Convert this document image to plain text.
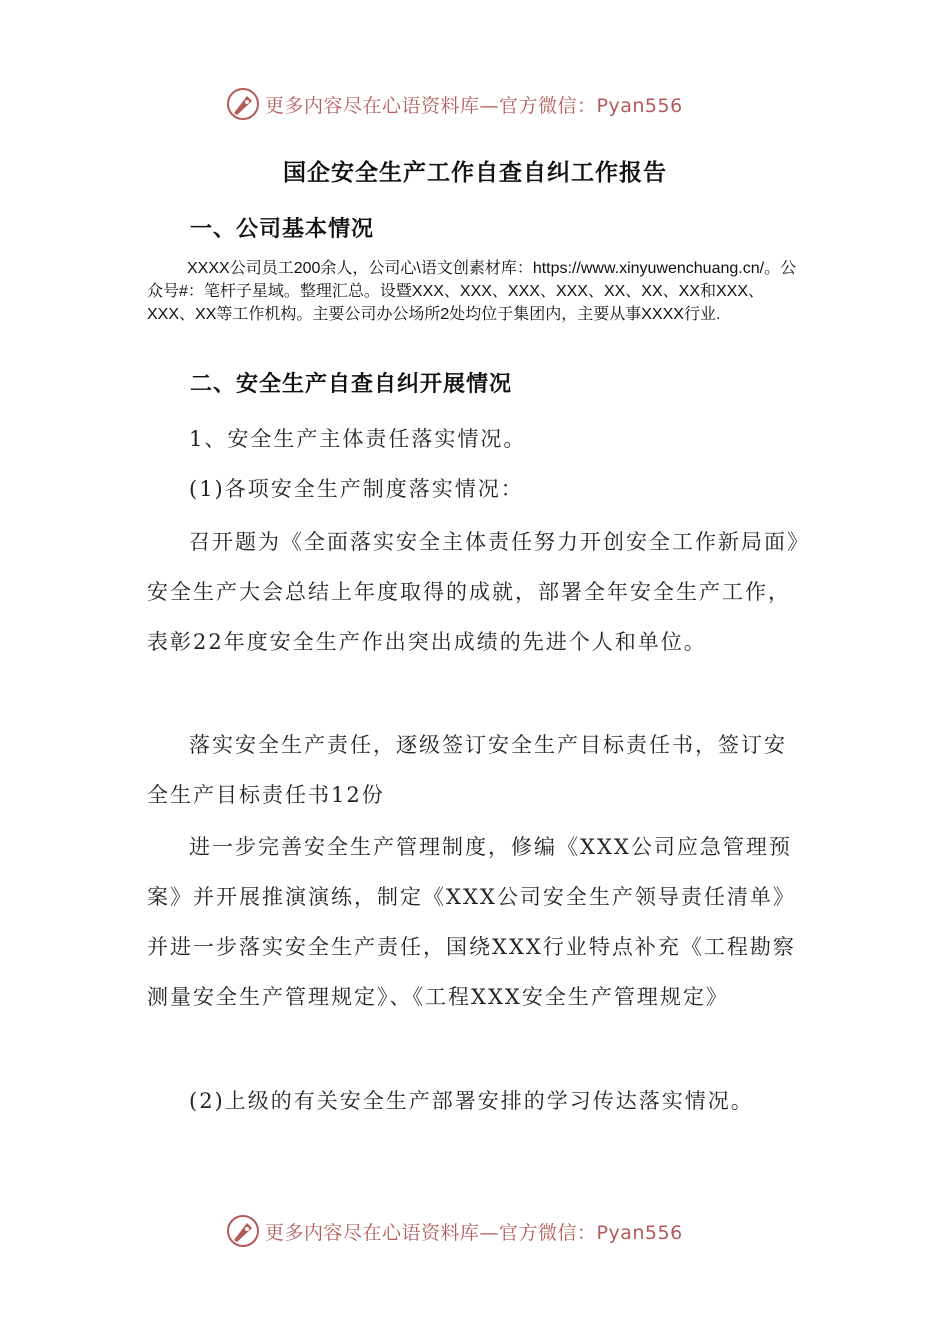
更多内容尽在心语资料库—官方微信：Pyan556
国企安全生产工作自查自纠工作报告
一、公司基本情况
XXXX公司员工200余人，公司心\语文创素材库：https://www.xinyuwenchuang.cn/。公众号#：笔杆子星域。整理汇总。设暨XXX、XXX、XXX、XXX、XX、XX、XX和XXX、XXX、XX等工作机构。主要公司办公场所2处均位于集团内，主要从事XXXX行业.
二、安全生产自查自纠开展情况
1、安全生产主体责任落实情况。
(1)各项安全生产制度落实情况：
召开题为《全面落实安全主体责任努力开创安全工作新局面》安全生产大会总结上年度取得的成就，部署全年安全生产工作，表彰22年度安全生产作出突出成绩的先进个人和单位。
落实安全生产责任，逐级签订安全生产目标责任书，签订安全生产目标责任书12份
进一步完善安全生产管理制度，修编《XXX公司应急管理预案》并开展推演演练，制定《XXX公司安全生产领导责任清单》并进一步落实安全生产责任，国绕XXX行业特点补充《工程勘察测量安全生产管理规定》、《工程XXX安全生产管理规定》
(2)上级的有关安全生产部署安排的学习传达落实情况。
更多内容尽在心语资料库—官方微信：Pyan556
